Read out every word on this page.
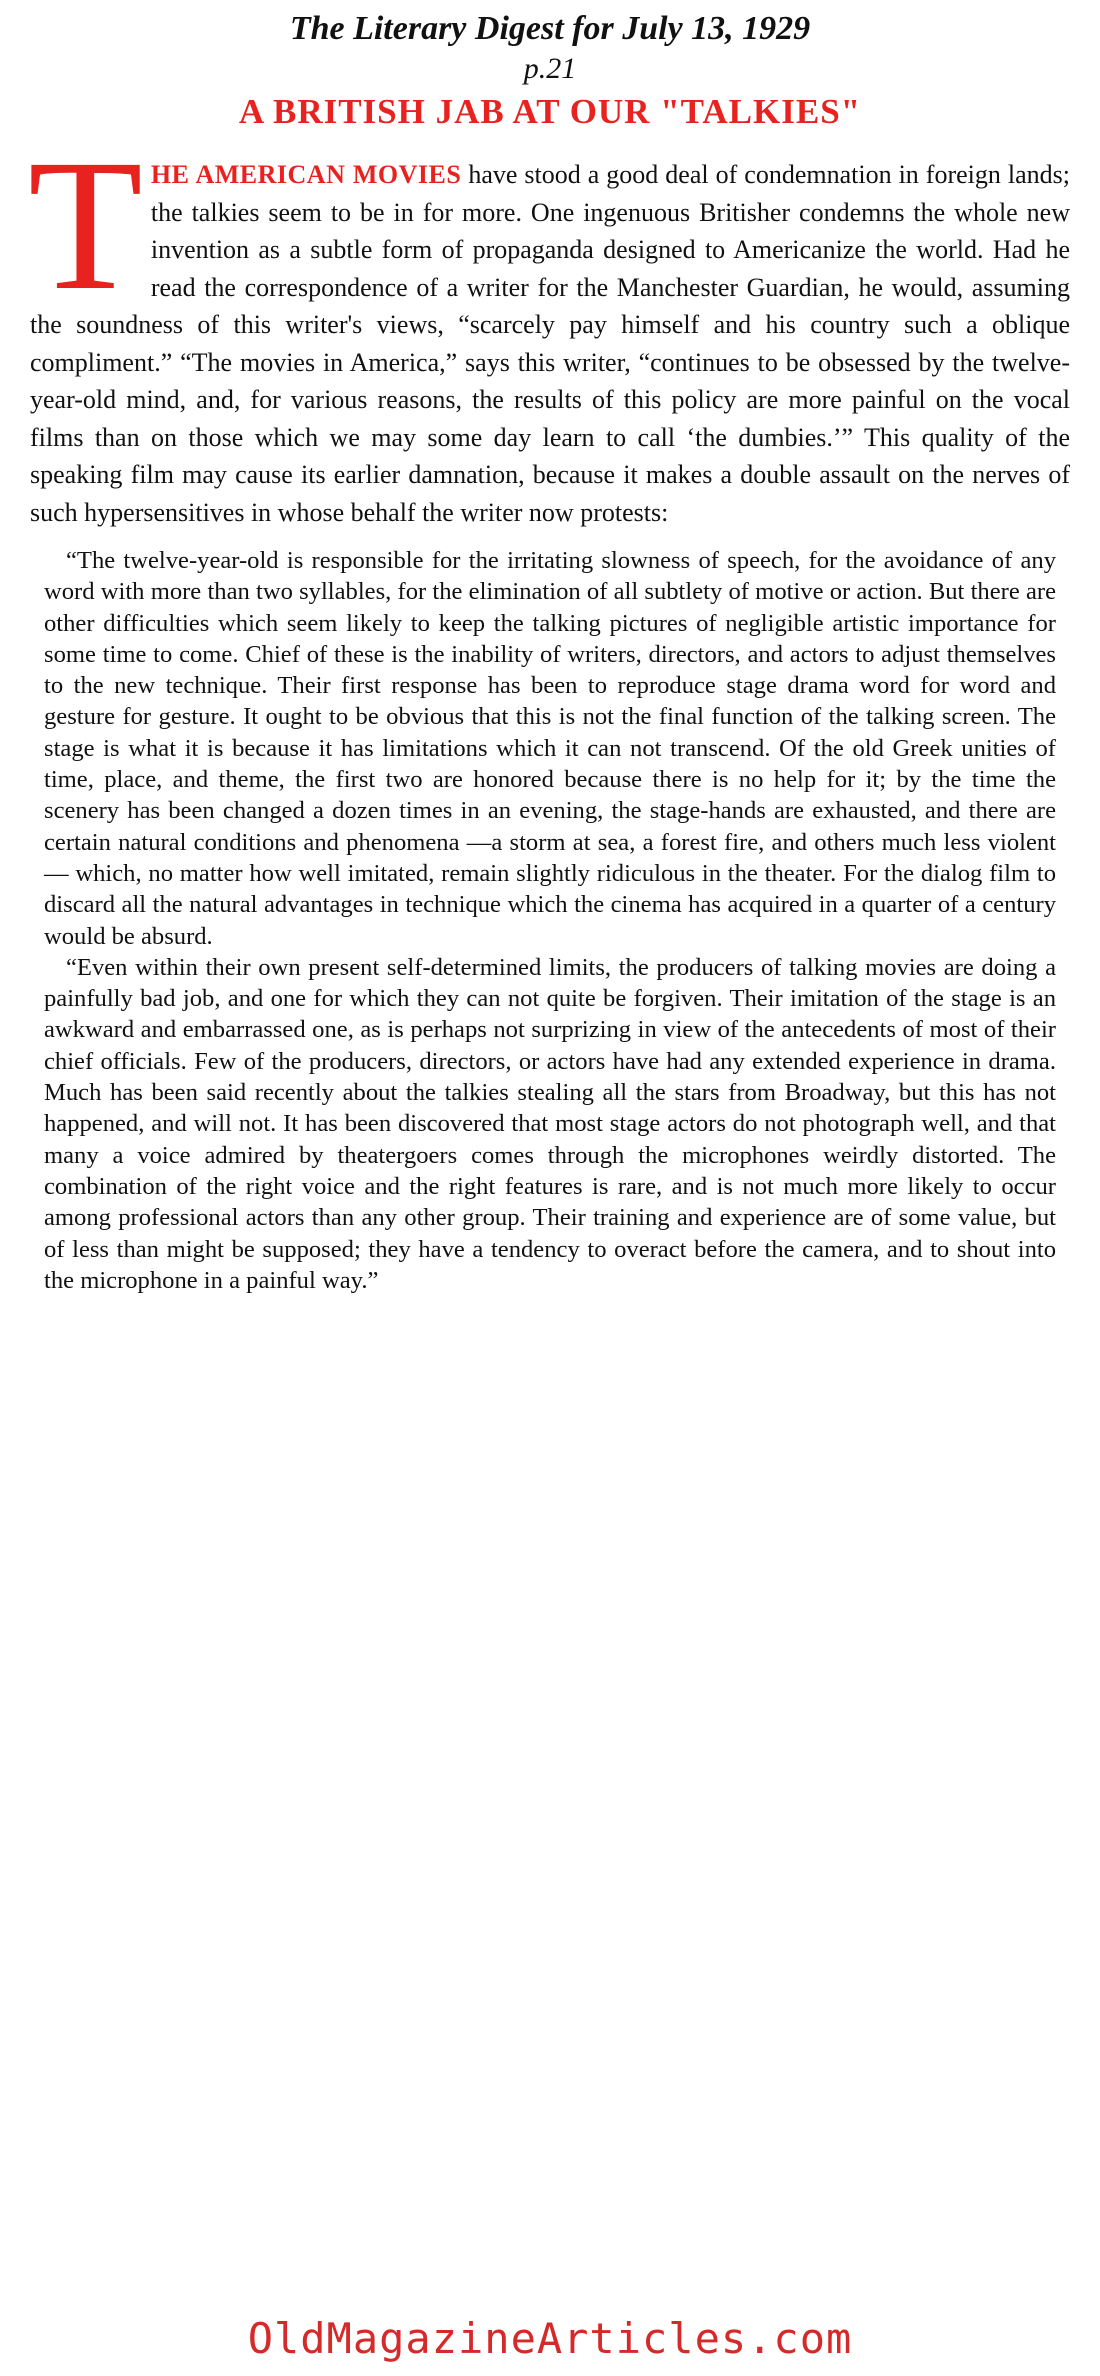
The Literary Digest for July 13, 1929

p.21

A BRITISH JAB AT OUR "TALKIES"

THE AMERICAN MOVIES have stood a good deal of condemnation in foreign lands; the talkies seem to be in for more. One ingenuous Britisher condemns the whole new invention as a subtle form of propaganda designed to Americanize the world. Had he read the correspondence of a writer for the Manchester Guardian, he would, assuming the soundness of this writer's views, “scarcely pay himself and his country such a oblique compliment.” “The movies in America,” says this writer, “continues to be obsessed by the twelve-year-old mind, and, for various reasons, the results of this policy are more painful on the vocal films than on those which we may some day learn to call ‘the dumbies.’” This quality of the speaking film may cause its earlier damnation, because it makes a double assault on the nerves of such hypersensitives in whose behalf the writer now protests:

“The twelve-year-old is responsible for the irritating slowness of speech, for the avoidance of any word with more than two syllables, for the elimination of all subtlety of motive or action. But there are other difficulties which seem likely to keep the talking pictures of negligible artistic importance for some time to come. Chief of these is the inability of writers, directors, and actors to adjust themselves to the new technique. Their first response has been to reproduce stage drama word for word and gesture for gesture. It ought to be obvious that this is not the final function of the talking screen. The stage is what it is because it has limitations which it can not transcend. Of the old Greek unities of time, place, and theme, the first two are honored because there is no help for it; by the time the scenery has been changed a dozen times in an evening, the stage-hands are exhausted, and there are certain natural conditions and phenomena —a storm at sea, a forest fire, and others much less violent— which, no matter how well imitated, remain slightly ridiculous in the theater. For the dialog film to discard all the natural advantages in technique which the cinema has acquired in a quarter of a century would be absurd.

“Even within their own present self-determined limits, the producers of talking movies are doing a painfully bad job, and one for which they can not quite be forgiven. Their imitation of the stage is an awkward and embarrassed one, as is perhaps not surprizing in view of the antecedents of most of their chief officials. Few of the producers, directors, or actors have had any extended experience in drama. Much has been said recently about the talkies stealing all the stars from Broadway, but this has not happened, and will not. It has been discovered that most stage actors do not photograph well, and that many a voice admired by theatergoers comes through the microphones weirdly distorted. The combination of the right voice and the right features is rare, and is not much more likely to occur among professional actors than any other group. Their training and experience are of some value, but of less than might be supposed; they have a tendency to overact before the camera, and to shout into the microphone in a painful way.”

OldMagazineArticles.com
